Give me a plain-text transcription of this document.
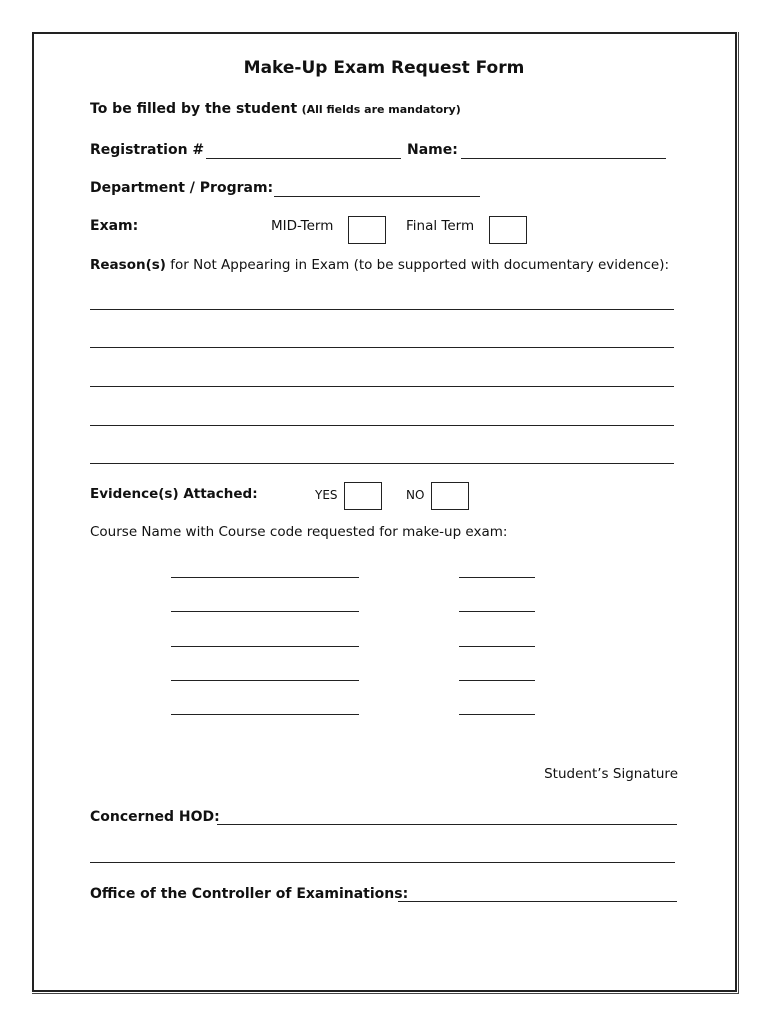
Make-Up Exam Request Form
To be filled by the student (All fields are mandatory)
Registration #	Name:
Department / Program:
Exam:	MID-Term	Final Term
Reason(s) for Not Appearing in Exam (to be supported with documentary evidence):
Evidence(s) Attached:	YES	NO
Course Name with Course code requested for make-up exam:
Student’s Signature
Concerned HOD:
Office of the Controller of Examinations:
